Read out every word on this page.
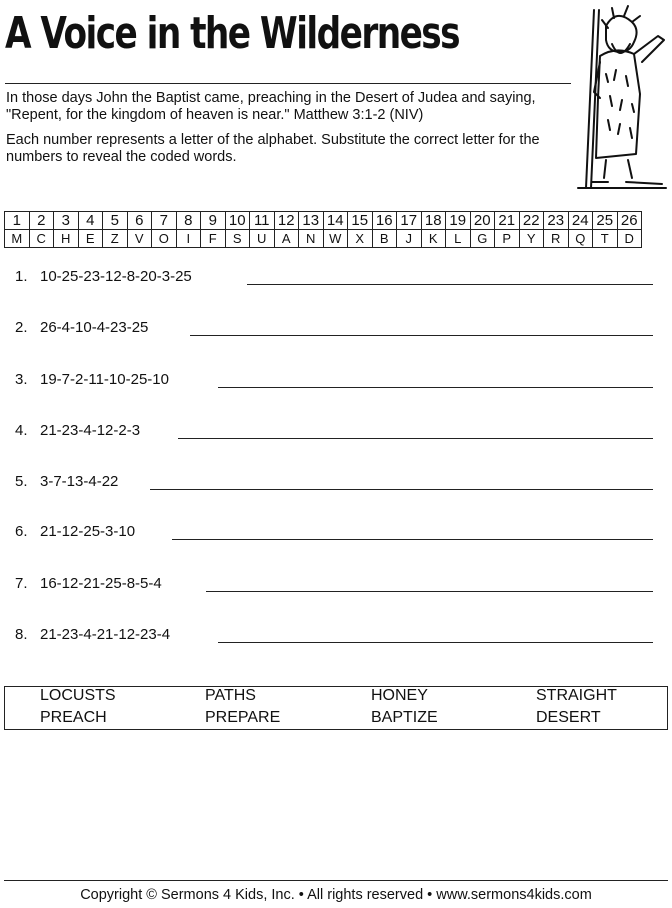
A Voice in the Wilderness

In those days John the Baptist came, preaching in the Desert of Judea and saying, "Repent, for the kingdom of heaven is near." Matthew 3:1-2 (NIV)

Each number represents a letter of the alphabet. Substitute the correct letter for the numbers to reveal the coded words.

1	2	3	4	5	6	7	8	9	10	11	12	13	14	15	16	17	18	19	20	21	22	23	24	25	26
M	C	H	E	Z	V	O	I	F	S	U	A	N	W	X	B	J	K	L	G	P	Y	R	Q	T	D
1. 10-25-23-12-8-20-3-25
2. 26-4-10-4-23-25
3. 19-7-2-11-10-25-10
4. 21-23-4-12-2-3
5. 3-7-13-4-22
6. 21-12-25-3-10
7. 16-12-21-25-8-5-4
8. 21-23-4-21-12-23-4
LOCUSTS	PATHS	HONEY	STRAIGHT
PREACH	PREPARE	BAPTIZE	DESERT
Copyright © Sermons 4 Kids, Inc. • All rights reserved • www.sermons4kids.com
